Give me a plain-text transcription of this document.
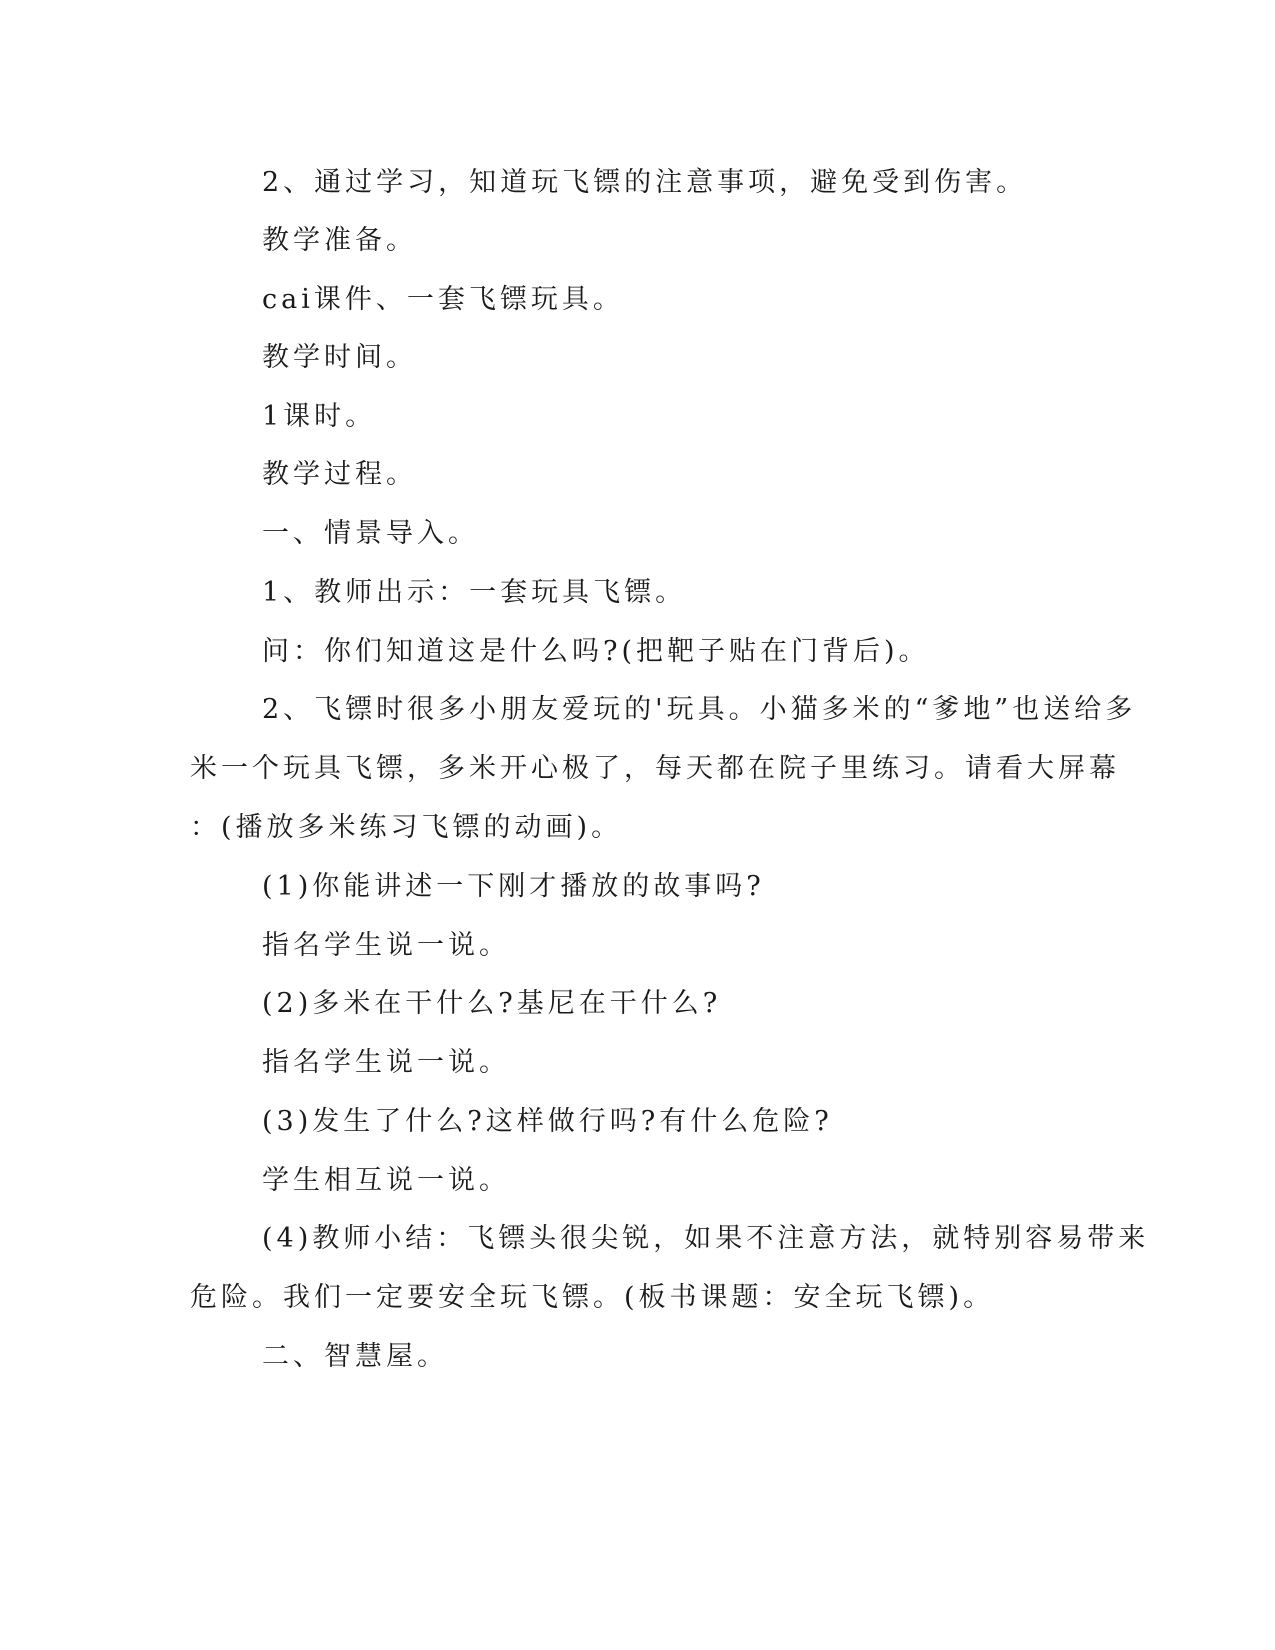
2、通过学习，知道玩飞镖的注意事项，避免受到伤害。
教学准备。
cai课件、一套飞镖玩具。
教学时间。
1课时。
教学过程。
一、情景导入。
1、教师出示：一套玩具飞镖。
问：你们知道这是什么吗?(把靶子贴在门背后)。
2、飞镖时很多小朋友爱玩的'玩具。小猫多米的“爹地”也送给多
米一个玩具飞镖，多米开心极了，每天都在院子里练习。请看大屏幕
：(播放多米练习飞镖的动画)。
(1)你能讲述一下刚才播放的故事吗?
指名学生说一说。
(2)多米在干什么?基尼在干什么?
指名学生说一说。
(3)发生了什么?这样做行吗?有什么危险?
学生相互说一说。
(4)教师小结：飞镖头很尖锐，如果不注意方法，就特别容易带来
危险。我们一定要安全玩飞镖。(板书课题：安全玩飞镖)。
二、智慧屋。
